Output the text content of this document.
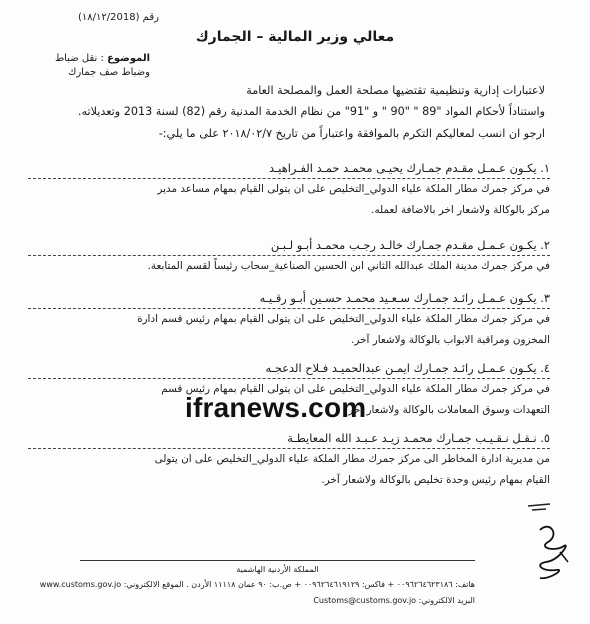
رقم (١٨/١٢/2018)
معالي وزير المالية – الجمارك
الموضوع : نقل ضباط
وضباط صف جمارك
لاعتبارات إدارية وتنظيمية تقتضيها مصلحة العمل والمصلحة العامة
واستناداً لأحكام المواد "89 " "90 " و "91" من نظام الخدمة المدنية رقم (82) لسنة 2013 وتعديلاته.
ارجو ان انسب لمعاليكم التكرم بالموافقة واعتباراً من تاريخ ٢٠١٨/٠٢/٧ على ما يلي:-
١. يكـون عـمـل مقـدم جمـارك يحيـى محمـد حمـد الفـراهيـد
في مركز جمرك مطار الملكة علياء الدولي_التخليص على ان يتولى القيام بمهام مساعد مدير
مركز بالوكالة ولاشعار اخر بالاضافة لعمله.
٢. يكـون عـمـل مقـدم جمـارك خالـد رجـب محمـد أبـو لـبـن
في مركز جمرك مدينة الملك عبدالله الثاني ابن الحسين الصناعية_سحاب رئيساً لقسم المتابعة.
٣. يكـون عـمـل رائـد جمـارك سـعـيد محمـد حسـين أبـو رقـيـه
في مركز جمرك مطار الملكة علياء الدولي_التخليص على ان يتولى القيام بمهام رئيس قسم ادارة
المخزون ومراقبة الابواب بالوكالة ولاشعار آخر.
٤. يكـون عـمـل رائـد جمـارك ايمـن عبدالحميـد فـلاح الدعجـه
في مركز جمرك مطار الملكة علياء الدولي_التخليص على ان يتولى القيام بمهام رئيس قسم
التعهدات وسوق المعاملات بالوكالة ولاشعار آخر.
٥. نـقـل نـقـيـب جمـارك محمـد زيـد عـبـد الله المعايطـة
من مديرية ادارة المخاطر الى مركز جمرك مطار الملكة علياء الدولي_التخليص على ان يتولى
القيام بمهام رئيس وحدة تخليص بالوكالة ولاشعار آخر.
ifranews.com
المملكة الأردنية الهاشمية
هاتف: ٠٠٩٦٢٦٤٦٢٣١٨٦ + فاكس: ٠٠٩٦٢٦٤٦١٩١٢٩ + ص.ب: ٩٠ عمان ١١١١٨ الأردن . الموقع الالكتروني: www.customs.gov.jo
البريد الالكتروني: Customs@customs.gov.jo
